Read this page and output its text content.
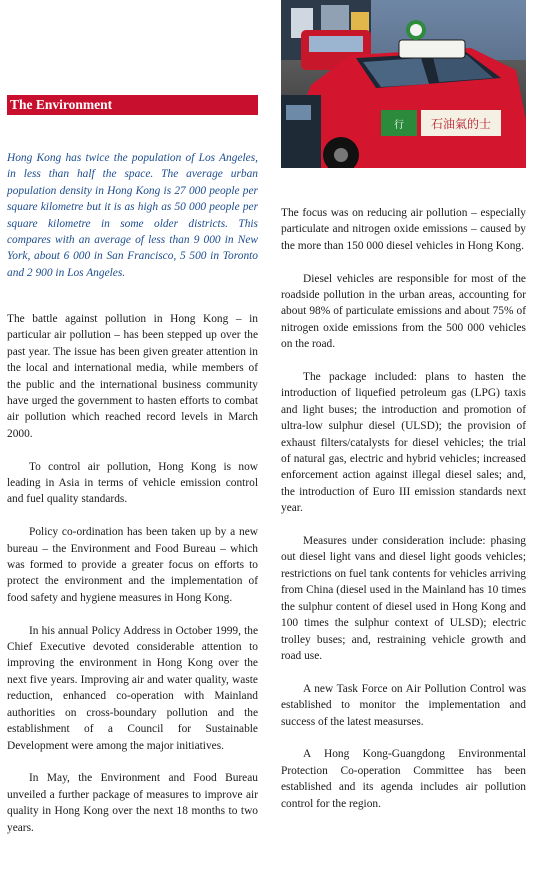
The Environment

Hong Kong has twice the population of Los Angeles, in less than half the space. The average urban population density in Hong Kong is 27 000 people per square kilometre but it is as high as 50 000 people per square kilometre in some older districts. This compares with an average of less than 9 000 in New York, about 6 000 in San Francisco, 5 500 in Toronto and 2 900 in Los Angeles.

The battle against pollution in Hong Kong – in particular air pollution – has been stepped up over the past year. The issue has been given greater attention in the local and international media, while members of the public and the international business community have urged the government to hasten efforts to combat air pollution which reached record levels in March 2000.

To control air pollution, Hong Kong is now leading in Asia in terms of vehicle emission control and fuel quality standards.

Policy co-ordination has been taken up by a new bureau – the Environment and Food Bureau – which was formed to provide a greater focus on efforts to protect the environment and the implementation of food safety and hygiene measures in Hong Kong.

In his annual Policy Address in October 1999, the Chief Executive devoted considerable attention to improving the environment in Hong Kong over the next five years. Improving air and water quality, waste reduction, enhanced co-operation with Mainland authorities on cross-boundary pollution and the establishment of a Council for Sustainable Development were among the major initiatives.

In May, the Environment and Food Bureau unveiled a further package of measures to improve air quality in Hong Kong over the next 18 months to two years.

石油氣的士
行

The focus was on reducing air pollution – especially particulate and nitrogen oxide emissions – caused by the more than 150 000 diesel vehicles in Hong Kong.

Diesel vehicles are responsible for most of the roadside pollution in the urban areas, accounting for about 98% of particulate emissions and about 75% of nitrogen oxide emissions from the 500 000 vehicles on the road.

The package included: plans to hasten the introduction of liquefied petroleum gas (LPG) taxis and light buses; the introduction and promotion of ultra-low sulphur diesel (ULSD); the provision of exhaust filters/catalysts for diesel vehicles; the trial of natural gas, electric and hybrid vehicles; increased enforcement action against illegal diesel sales; and, the introduction of Euro III emission standards next year.

Measures under consideration include: phasing out diesel light vans and diesel light goods vehicles; restrictions on fuel tank contents for vehicles arriving from China (diesel used in the Mainland has 10 times the sulphur content of diesel used in Hong Kong and 100 times the sulphur context of ULSD); electric trolley buses; and, restraining vehicle growth and road use.

A new Task Force on Air Pollution Control was established to monitor the implementation and success of the latest measurses.

A Hong Kong-Guangdong Environmental Protection Co-operation Committee has been established and its agenda includes air pollution control for the region.
